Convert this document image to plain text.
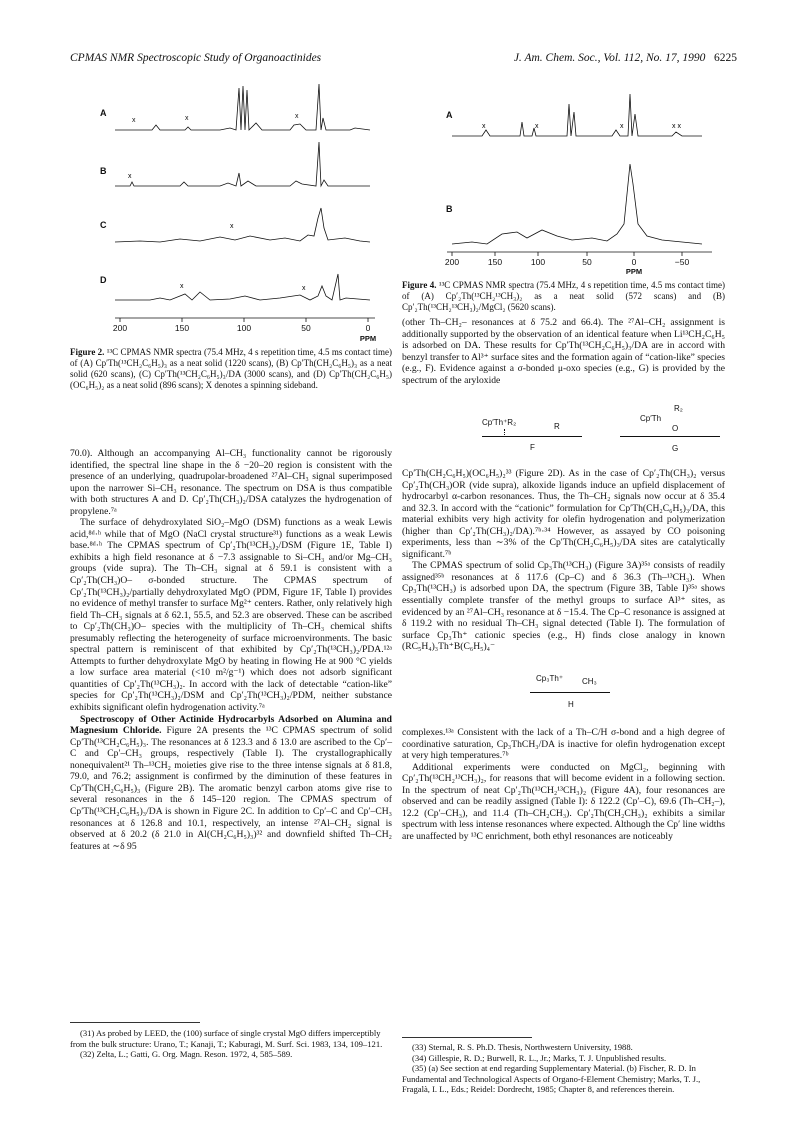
CPMAS NMR Spectroscopic Study of Organoactinides	J. Am. Chem. Soc., Vol. 112, No. 17, 1990 6225
A
B
C
D
x	x	x
x
x
x	x
200	150	100	50	0
PPM
Figure 2. ¹³C CPMAS NMR spectra (75.4 MHz, 4 s repetition time, 4.5 ms contact time) of (A) Cp′Th(¹³CH₂C₆H₅)₃ as a neat solid (1220 scans), (B) Cp′Th(CH₂C₆H₅)₃ as a neat solid (620 scans), (C) Cp′Th(¹³CH₂C₆H₅)₃/DA (3000 scans), and (D) Cp′Th(CH₂C₆H₅)(OC₆H₅)₂ as a neat solid (896 scans); X denotes a spinning sideband.
A
B
x	x	x	x x
200	150	100	50	0	−50
PPM
Figure 4. ¹³C CPMAS NMR spectra (75.4 MHz, 4 s repetition time, 4.5 ms contact time) of (A) Cp′₂Th(¹³CH₂¹³CH₃)₂ as a neat solid (572 scans) and (B) Cp′₂Th(¹³CH₂¹³CH₃)₂/MgCl₂ (5620 scans).

70.0). Although an accompanying Al–CH₃ functionality cannot be rigorously identified, the spectral line shape in the δ −20–20 region is consistent with the presence of an underlying, quadrupolar-broadened ²⁷Al–CH₃ signal superimposed upon the narrower Si–CH₃ resonance. The spectrum on DSA is thus compatible with both structures A and D. Cp′₂Th(CH₃)₂/DSA catalyzes the hydrogenation of propylene.⁷ᵃ

The surface of dehydroxylated SiO₂–MgO (DSM) functions as a weak Lewis acid,⁸ᵈ·ʰ while that of MgO (NaCl crystal structure³¹) functions as a weak Lewis base.⁸ᵈ·ʰ The CPMAS spectrum of Cp′₂Th(¹³CH₃)₂/DSM (Figure 1E, Table I) exhibits a high field resonance at δ −7.3 assignable to Si–CH₃ and/or Mg–CH₃ groups (vide supra). The Th–CH₃ signal at δ 59.1 is consistent with a Cp′₂Th(CH₃)O– σ-bonded structure. The CPMAS spectrum of Cp′₂Th(¹³CH₃)₂/partially dehydroxylated MgO (PDM, Figure 1F, Table I) provides no evidence of methyl transfer to surface Mg²⁺ centers. Rather, only relatively high field Th–CH₃ signals at δ 62.1, 55.5, and 52.3 are observed. These can be ascribed to Cp′₂Th(CH₃)O– species with the multiplicity of Th–CH₃ chemical shifts presumably reflecting the heterogeneity of surface microenvironments. The basic spectral pattern is reminiscent of that exhibited by Cp′₂Th(¹³CH₃)₂/PDA.¹²ᵃ Attempts to further dehydroxylate MgO by heating in flowing He at 900 °C yields a low surface area material (<10 m²/g⁻¹) which does not adsorb significant quantities of Cp′₂Th(¹³CH₃)₂. In accord with the lack of detectable “cation-like” species for Cp′₂Th(¹³CH₃)₂/DSM and Cp′₂Th(¹³CH₃)₂/PDM, neither substance exhibits significant olefin hydrogenation activity.⁷ᵃ

Spectroscopy of Other Actinide Hydrocarbyls Adsorbed on Alumina and Magnesium Chloride. Figure 2A presents the ¹³C CPMAS spectrum of solid Cp′Th(¹³CH₂C₆H₅)₃. The resonances at δ 123.3 and δ 13.0 are ascribed to the Cp′–C and Cp′–CH₃ groups, respectively (Table I). The crystallographically nonequivalent²¹ Th–¹³CH₂ moieties give rise to the three intense signals at δ 81.8, 79.0, and 76.2; assignment is confirmed by the diminution of these features in Cp′Th(CH₂C₆H₅)₃ (Figure 2B). The aromatic benzyl carbon atoms give rise to several resonances in the δ 145–120 region. The CPMAS spectrum of Cp′Th(¹³CH₂C₆H₅)₃/DA is shown in Figure 2C. In addition to Cp′–C and Cp′–CH₃ resonances at δ 126.8 and 10.1, respectively, an intense ²⁷Al–CH₂ signal is observed at δ 20.2 (δ 21.0 in Al(CH₂C₆H₅)₃)³² and downfield shifted Th–CH₂ features at ∼δ 95

(31) As probed by LEED, the (100) surface of single crystal MgO differs imperceptibly from the bulk structure: Urano, T.; Kanaji, T.; Kaburagi, M. Surf. Sci. 1983, 134, 109–121.

(32) Zelta, L.; Gatti, G. Org. Magn. Reson. 1972, 4, 585–589.

(other Th–CH₂– resonances at δ 75.2 and 66.4). The ²⁷Al–CH₂ assignment is additionally supported by the observation of an identical feature when Li¹³CH₂C₆H₅ is adsorbed on DA. These results for Cp′Th(¹³CH₂C₆H₅)₃/DA are in accord with benzyl transfer to Al³⁺ surface sites and the formation again of “cation-like” species (e.g., F). Evidence against a σ-bonded μ-oxo species (e.g., G) is provided by the spectrum of the aryloxide

Cp′Th⁺R₂	R
F
R₂
Cp′Th
O
G

Cp′Th(CH₂C₆H₅)(OC₆H₅)₂³³ (Figure 2D). As in the case of Cp′₂Th(CH₃)₂ versus Cp′₂Th(CH₃)OR (vide supra), alkoxide ligands induce an upfield displacement of hydrocarbyl α-carbon resonances. Thus, the Th–CH₂ signals now occur at δ 35.4 and 32.3. In accord with the “cationic” formulation for Cp′Th(CH₂C₆H₅)₃/DA, this material exhibits very high activity for olefin hydrogenation and polymerization (higher than Cp′₂Th(CH₃)₂/DA).⁷ᵇ·³⁴ However, as assayed by CO poisoning experiments, less than ∼3% of the Cp′Th(CH₂C₆H₅)₃/DA sites are catalytically significant.⁷ᵇ

The CPMAS spectrum of solid Cp₃Th(¹³CH₃) (Figure 3A)³⁵ᵃ consists of readily assigned³⁵ᵇ resonances at δ 117.6 (Cp–C) and δ 36.3 (Th–¹³CH₃). When Cp₃Th(¹³CH₃) is adsorbed upon DA, the spectrum (Figure 3B, Table I)³⁵ᵃ shows essentially complete transfer of the methyl groups to surface Al³⁺ sites, as evidenced by an ²⁷Al–CH₃ resonance at δ −15.4. The Cp–C resonance is assigned at δ 119.2 with no residual Th–CH₃ signal detected (Table I). The formulation of surface Cp₃Th⁺ cationic species (e.g., H) finds close analogy in known (RC₅H₄)₃Th⁺B(C₆H₅)₄⁻

Cp₃Th⁺ CH₃
H

complexes.¹³ᵃ Consistent with the lack of a Th–C/H σ-bond and a high degree of coordinative saturation, Cp₃ThCH₃/DA is inactive for olefin hydrogenation except at very high temperatures.⁷ᵇ

Additional experiments were conducted on MgCl₂, beginning with Cp′₂Th(¹³CH₂¹³CH₃)₂, for reasons that will become evident in a following section. In the spectrum of neat Cp′₂Th(¹³CH₂¹³CH₃)₂ (Figure 4A), four resonances are observed and can be readily assigned (Table I): δ 122.2 (Cp′–C), 69.6 (Th–CH₂–), 12.2 (Cp′–CH₃), and 11.4 (Th–CH₂CH₃). Cp′₂Th(CH₂CH₃)₂ exhibits a similar spectrum with less intense resonances where expected. Although the Cp′ line widths are unaffected by ¹³C enrichment, both ethyl resonances are noticeably

(33) Sternal, R. S. Ph.D. Thesis, Northwestern University, 1988.

(34) Gillespie, R. D.; Burwell, R. L., Jr.; Marks, T. J. Unpublished results.

(35) (a) See section at end regarding Supplementary Material. (b) Fischer, R. D. In Fundamental and Technological Aspects of Organo-f-Element Chemistry; Marks, T. J., Fragalà, I. L., Eds.; Reidel: Dordrecht, 1985; Chapter 8, and references therein.
